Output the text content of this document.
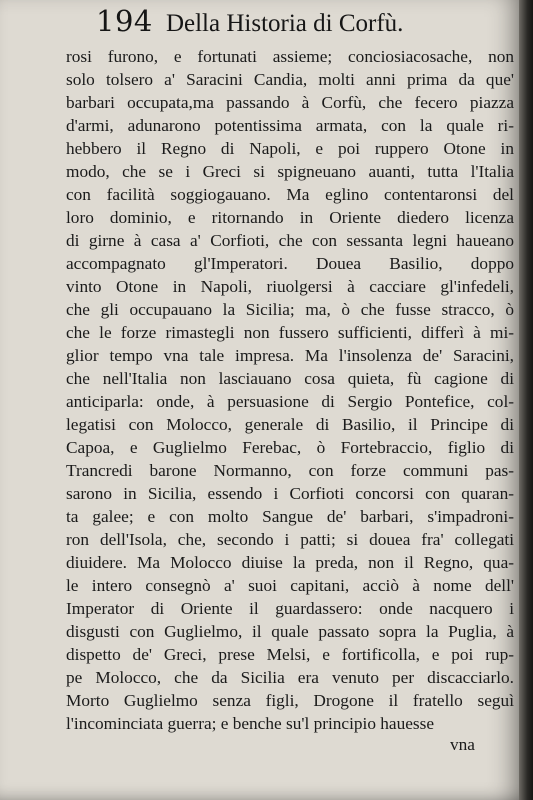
194 Della Historia di Corfù.
rosi furono, e fortunati assieme; conciosiacosache, non
solo tolsero a' Saracini Candia, molti anni prima da que'
barbari occupata,ma passando à Corfù, che fecero piazza
d'armi, adunarono potentissima armata, con la quale ri-
hebbero il Regno di Napoli, e poi ruppero Otone in
modo, che se i Greci si spigneuano auanti, tutta l'Italia
con facilità soggiogauano. Ma eglino contentaronsi del
loro dominio, e ritornando in Oriente diedero licenza
di girne à casa a' Corfioti, che con sessanta legni haueano
accompagnato gl'Imperatori. Douea Basilio, doppo
vinto Otone in Napoli, riuolgersi à cacciare gl'infedeli,
che gli occupauano la Sicilia; ma, ò che fusse stracco, ò
che le forze rimastegli non fussero sufficienti, differì à mi-
glior tempo vna tale impresa. Ma l'insolenza de' Saracini,
che nell'Italia non lasciauano cosa quieta, fù cagione di
anticiparla: onde, à persuasione di Sergio Pontefice, col-
legatisi con Molocco, generale di Basilio, il Principe di
Capoa, e Guglielmo Ferebac, ò Fortebraccio, figlio di
Trancredi barone Normanno, con forze communi pas-
sarono in Sicilia, essendo i Corfioti concorsi con quaran-
ta galee; e con molto Sangue de' barbari, s'impadroni-
ron dell'Isola, che, secondo i patti; si douea fra' collegati
diuidere. Ma Molocco diuise la preda, non il Regno, qua-
le intero consegnò a' suoi capitani, acciò à nome dell'
Imperator di Oriente il guardassero: onde nacquero i
disgusti con Guglielmo, il quale passato sopra la Puglia, à
dispetto de' Greci, prese Melsi, e fortificolla, e poi rup-
pe Molocco, che da Sicilia era venuto per discacciarlo.
Morto Guglielmo senza figli, Drogone il fratello seguì
l'incominciata guerra; e benche su'l principio hauesse
vna
